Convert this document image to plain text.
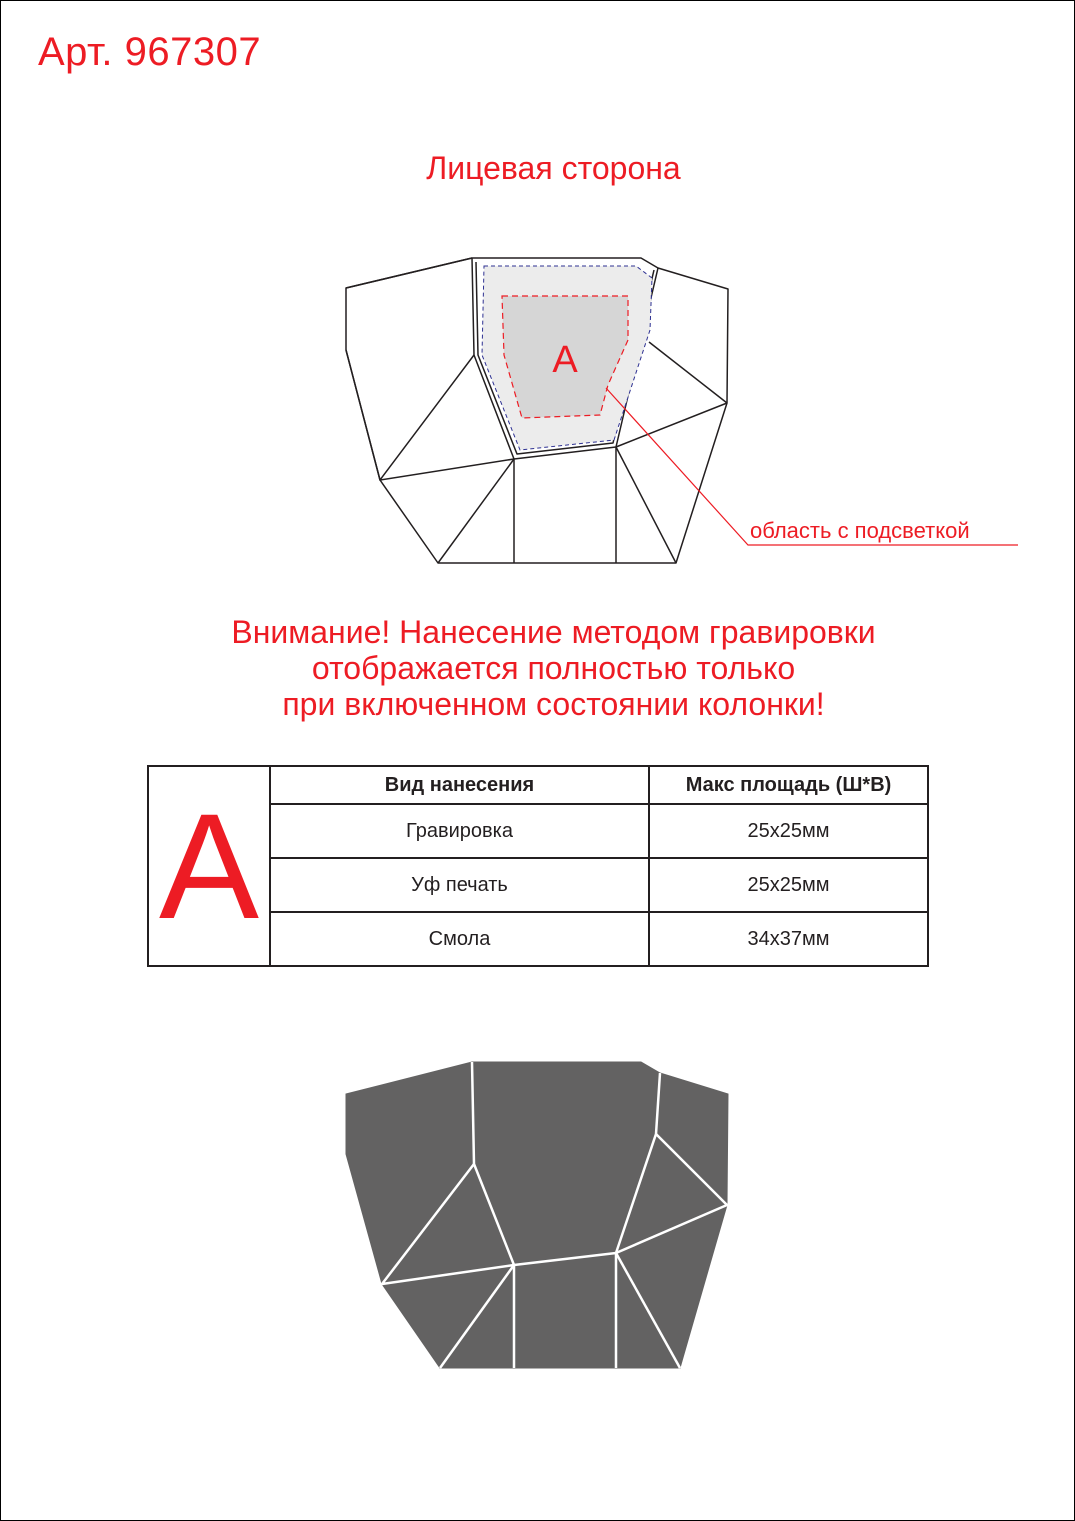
Арт. 967307
Лицевая сторона
A
область с подсветкой
Внимание! Нанесение методом гравировки
отображается полностью только
при включенном состоянии колонки!
A	Вид нанесения	Макс площадь (Ш*В)
	Гравировка	25х25мм
	Уф печать	25х25мм
	Смола	34х37мм
